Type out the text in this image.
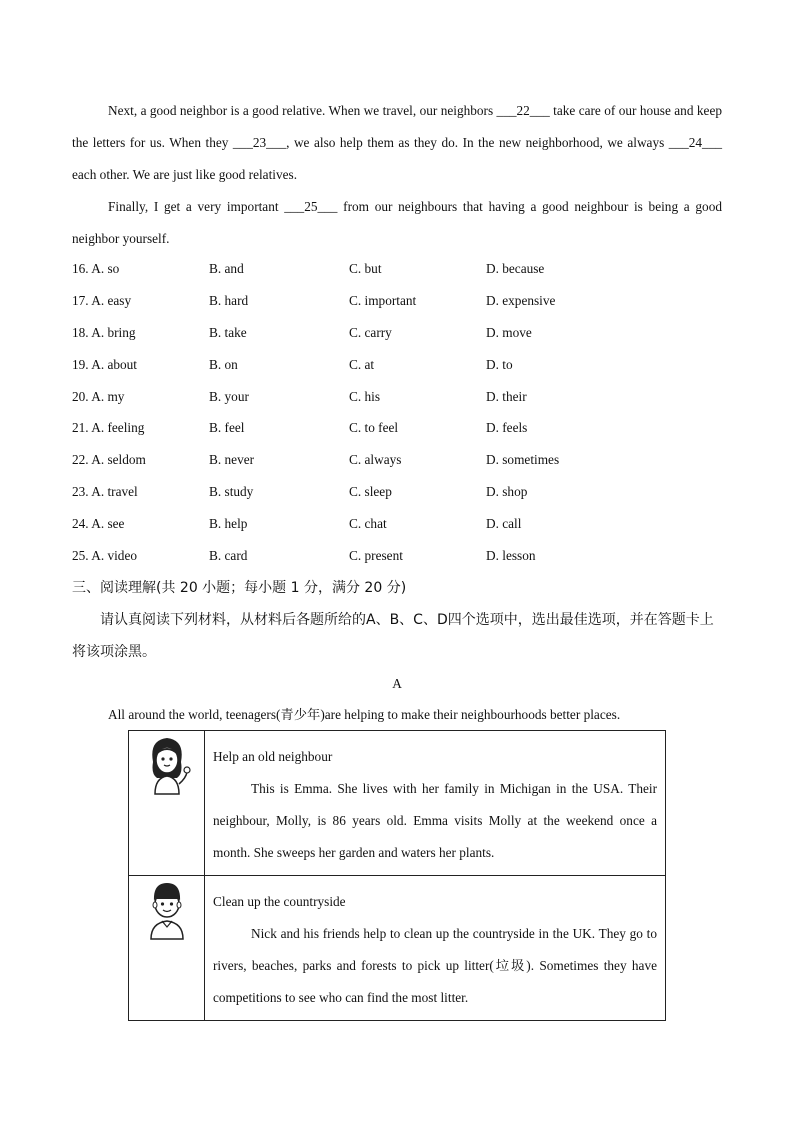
Next, a good neighbor is a good relative. When we travel, our neighbors ___22___ take care of our house and keep the letters for us. When they ___23___, we also help them as they do. In the new neighborhood, we always ___24___ each other. We are just like good relatives.

Finally, I get a very important ___25___ from our neighbours that having a good neighbour is being a good neighbor yourself.

16. A. so	B. and	C. but	D. because
17. A. easy	B. hard	C. important	D. expensive
18. A. bring	B. take	C. carry	D. move
19. A. about	B. on	C. at	D. to
20. A. my	B. your	C. his	D. their
21. A. feeling	B. feel	C. to feel	D. feels
22. A. seldom	B. never	C. always	D. sometimes
23. A. travel	B. study	C. sleep	D. shop
24. A. see	B. help	C. chat	D. call
25. A. video	B. card	C. present	D. lesson
三、阅读理解(共 20 小题；每小题 1 分，满分 20 分)
请认真阅读下列材料，从材料后各题所给的A、B、C、D四个选项中，选出最佳选项，并在答题卡上将该项涂黑。
A
All around the world, teenagers(青少年)are helping to make their neighbourhoods better places.

Help an old neighbour
This is Emma. She lives with her family in Michigan in the USA. Their neighbour, Molly, is 86 years old. Emma visits Molly at the weekend once a month. She sweeps her garden and waters her plants.

Clean up the countryside
Nick and his friends help to clean up the countryside in the UK. They go to rivers, beaches, parks and forests to pick up litter(垃圾). Sometimes they have competitions to see who can find the most litter.
